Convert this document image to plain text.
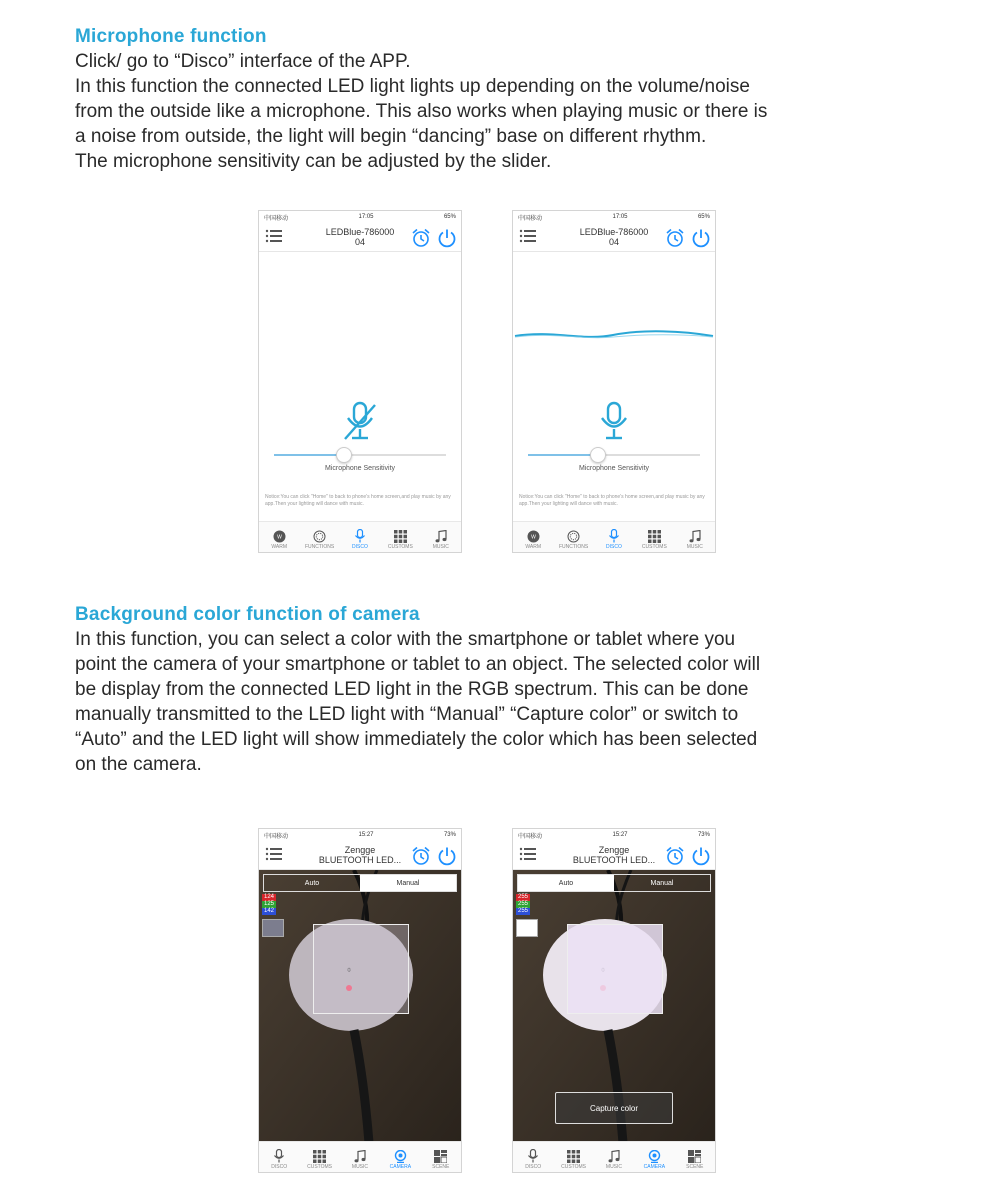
Microphone function

Click/ go to “Disco” interface of the APP.

In this function the connected LED light lights up depending on the volume/noise

from the outside like a microphone. This also works when playing music or there is

a noise from outside, the light will begin “dancing” base on different rhythm.

The microphone sensitivity can be adjusted by the slider.

Background color function of camera

In this function, you can select a color with the smartphone or tablet where you

point the camera of your smartphone or tablet to an object. The selected color will

be display from the connected LED light in the RGB spectrum. This can be done

manually transmitted to the LED light with “Manual” “Capture color” or switch to

“Auto” and the LED light will show immediately the color which has been selected

on the camera.

中国移动	17:05	65%
LEDBlue-786000
04
Microphone Sensitivity
Notice:You can click "Home" to back to phone's home screen,and play music by any app.Then your lighting will dance with music.
W
WARM	FUNCTIONS	DISCO	CUSTOMS	MUSIC
中国移动	17:05	65%
LEDBlue-786000
04
Microphone Sensitivity
Notice:You can click "Home" to back to phone's home screen,and play music by any app.Then your lighting will dance with music.
W
WARM	FUNCTIONS	DISCO	CUSTOMS	MUSIC
中国移动	15:27	73%
Zengge
BLUETOOTH LED...
⌽
Auto	Manual
124
125
142
DISCO	CUSTOMS	MUSIC	CAMERA	SCENE
中国移动	15:27	73%
Zengge
BLUETOOTH LED...
Auto	Manual
255
255
255
Capture color
DISCO	CUSTOMS	MUSIC	CAMERA	SCENE
